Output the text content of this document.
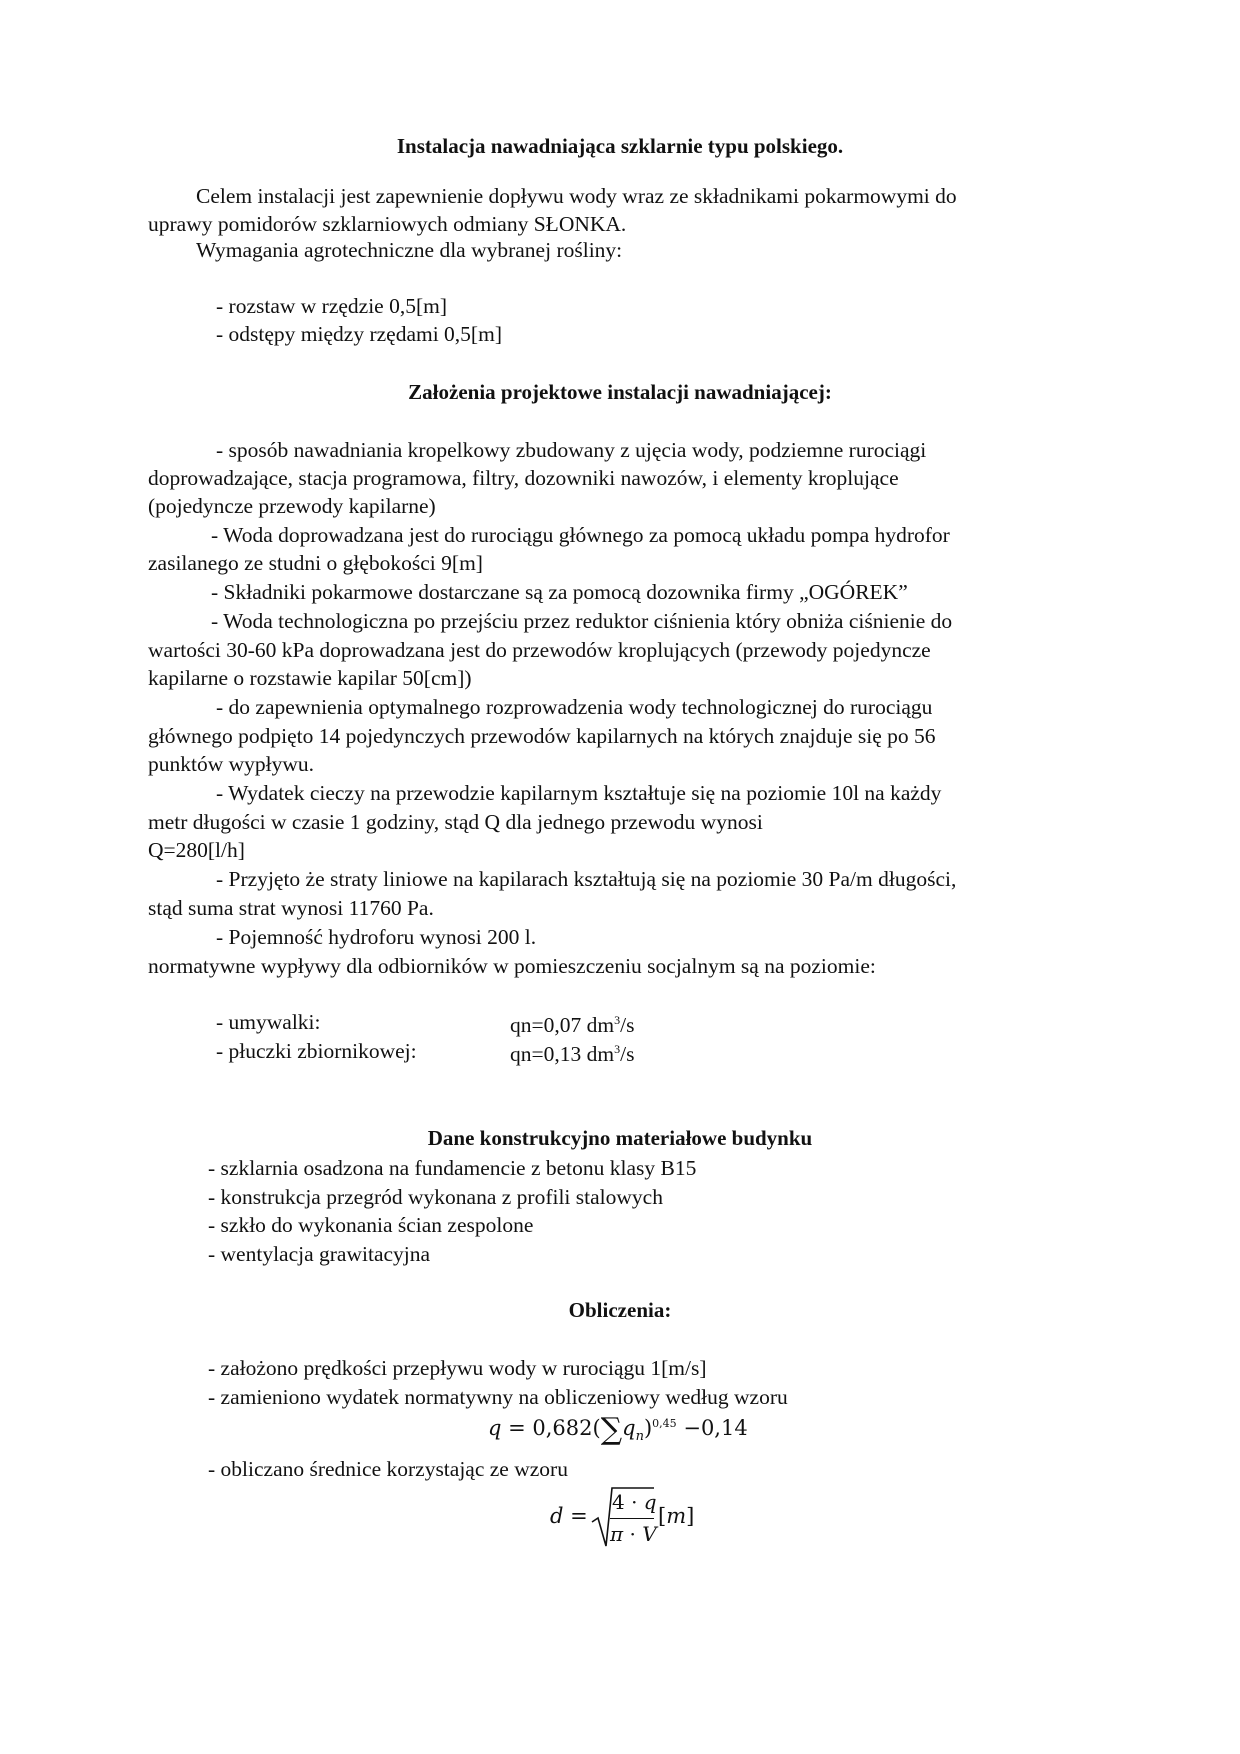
Instalacja nawadniająca szklarnie typu polskiego.
Celem instalacji jest zapewnienie dopływu wody wraz ze składnikami pokarmowymi do
uprawy pomidorów szklarniowych odmiany SŁONKA.
Wymagania agrotechniczne dla wybranej rośliny:
- rozstaw w rzędzie 0,5[m]
- odstępy między rzędami 0,5[m]
Założenia projektowe instalacji nawadniającej:
- sposób nawadniania kropelkowy zbudowany z ujęcia wody, podziemne rurociągi
doprowadzające, stacja programowa, filtry, dozowniki nawozów, i elementy kroplujące
(pojedyncze przewody kapilarne)
- Woda doprowadzana jest do rurociągu głównego za pomocą układu pompa hydrofor
zasilanego ze studni o głębokości 9[m]
- Składniki pokarmowe dostarczane są za pomocą dozownika firmy „OGÓREK”
- Woda technologiczna po przejściu przez reduktor ciśnienia który obniża ciśnienie do
wartości 30-60 kPa doprowadzana jest do przewodów kroplujących (przewody pojedyncze
kapilarne o rozstawie kapilar 50[cm])
- do zapewnienia optymalnego rozprowadzenia wody technologicznej do rurociągu
głównego podpięto 14 pojedynczych przewodów kapilarnych na których znajduje się po 56
punktów wypływu.
- Wydatek cieczy na przewodzie kapilarnym kształtuje się na poziomie 10l na każdy
metr długości w czasie 1 godziny, stąd Q dla jednego przewodu wynosi
Q=280[l/h]
- Przyjęto że straty liniowe na kapilarach kształtują się na poziomie 30 Pa/m długości,
stąd suma strat wynosi 11760 Pa.
- Pojemność hydroforu wynosi 200 l.
normatywne wypływy dla odbiorników w pomieszczeniu socjalnym są na poziomie:
- umywalki:	qn=0,07 $dm^3/s$
- płuczki zbiornikowej:	qn=0,13 $dm^3/s$
Dane konstrukcyjno materiałowe budynku
- szklarnia osadzona na fundamencie z betonu klasy B15
- konstrukcja przegród wykonana z profili stalowych
- szkło do wykonania ścian zespolone
- wentylacja grawitacyjna
Obliczenia:
- założono prędkości przepływu wody w rurociągu 1[m/s]
- zamieniono wydatek normatywny na obliczeniowy według wzoru
$q = 0,682(\sum q_n)^{0,45} -0,14$
- obliczano średnice korzystając ze wzoru
d =
4 · q
π · V
[m]
